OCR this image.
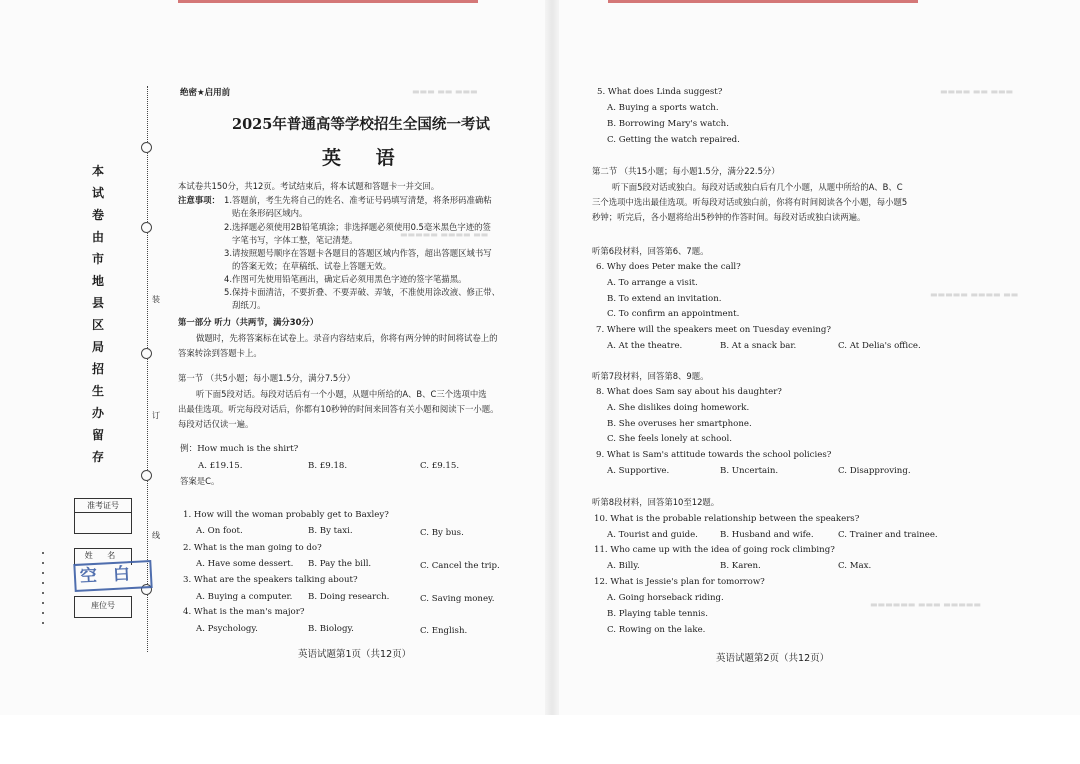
▬▬▬ ▬▬ ▬▬▬
▬▬▬▬▬ ▬▬▬▬ ▬▬
▬▬▬▬ ▬▬ ▬▬▬
▬▬▬▬▬ ▬▬▬▬ ▬▬
▬▬▬▬▬▬ ▬▬▬ ▬▬▬▬▬
装
订
线
本
试
卷
由
市
地
县
区
局
招
生
办
留
存
准考证号
姓 名
空白
座位号
绝密★启用前
2025年普通高等学校招生全国统一考试
英 语
本试卷共150分，共12页。考试结束后，将本试题和答题卡一并交回。
注意事项： 1.答题前，考生先将自己的姓名、准考证号码填写清楚，将条形码准确粘
贴在条形码区域内。
2.选择题必须使用2B铅笔填涂；非选择题必须使用0.5毫米黑色字迹的签
字笔书写，字体工整，笔记清楚。
3.请按照题号顺序在答题卡各题目的答题区域内作答，超出答题区域书写
的答案无效；在草稿纸、试卷上答题无效。
4.作图可先使用铅笔画出，确定后必须用黑色字迹的签字笔描黑。
5.保持卡面清洁，不要折叠、不要弄破、弄皱，不准使用涂改液、修正带、
刮纸刀。
第一部分 听力（共两节，满分30分）
做题时，先将答案标在试卷上。录音内容结束后，你将有两分钟的时间将试卷上的
答案转涂到答题卡上。
第一节 （共5小题；每小题1.5分，满分7.5分）
听下面5段对话。每段对话后有一个小题，从题中所给的A、B、C三个选项中选
出最佳选项。听完每段对话后，你都有10秒钟的时间来回答有关小题和阅读下一小题。
每段对话仅读一遍。
例：How much is the shirt?
A. £19.15.	B. £9.18.	C. £9.15.
答案是C。
1. How will the woman probably get to Baxley?
A. On foot.	B. By taxi.	C. By bus.
2. What is the man going to do?
A. Have some dessert. B. Pay the bill.	C. Cancel the trip.
3. What are the speakers talking about?
A. Buying a computer. B. Doing research.	C. Saving money.
4. What is the man's major?
A. Psychology.	B. Biology.	C. English.
英语试题第1页（共12页）
5. What does Linda suggest?
A. Buying a sports watch.
B. Borrowing Mary's watch.
C. Getting the watch repaired.
第二节 （共15小题；每小题1.5分，满分22.5分）
听下面5段对话或独白。每段对话或独白后有几个小题，从题中所给的A、B、C
三个选项中选出最佳选项。听每段对话或独白前，你将有时间阅读各个小题，每小题5
秒钟；听完后，各小题将给出5秒钟的作答时间。每段对话或独白读两遍。
听第6段材料，回答第6、7题。
6. Why does Peter make the call?
A. To arrange a visit.
B. To extend an invitation.
C. To confirm an appointment.
7. Where will the speakers meet on Tuesday evening?
A. At the theatre.	B. At a snack bar.	C. At Delia's office.
听第7段材料，回答第8、9题。
8. What does Sam say about his daughter?
A. She dislikes doing homework.
B. She overuses her smartphone.
C. She feels lonely at school.
9. What is Sam's attitude towards the school policies?
A. Supportive.	B. Uncertain.	C. Disapproving.
听第8段材料，回答第10至12题。
10. What is the probable relationship between the speakers?
A. Tourist and guide.	B. Husband and wife.	C. Trainer and trainee.
11. Who came up with the idea of going rock climbing?
A. Billy.	B. Karen.	C. Max.
12. What is Jessie's plan for tomorrow?
A. Going horseback riding.
B. Playing table tennis.
C. Rowing on the lake.
英语试题第2页（共12页）
